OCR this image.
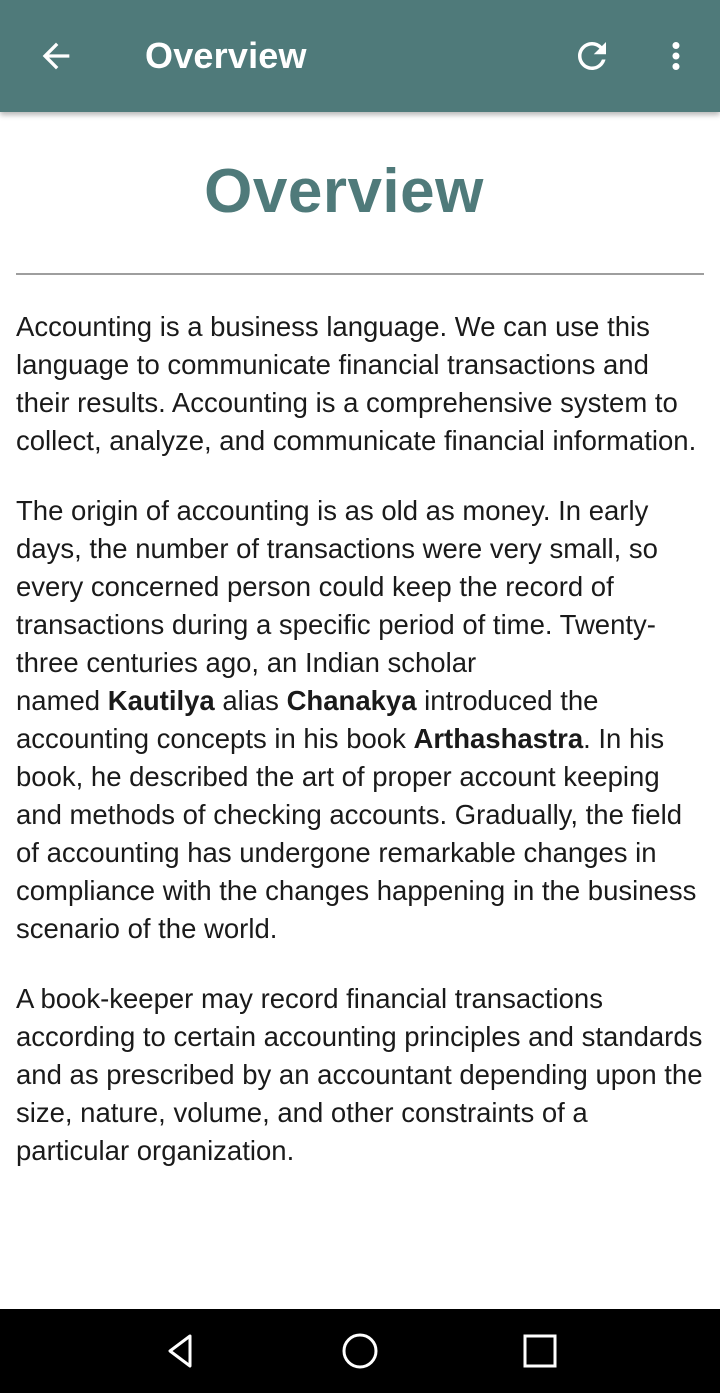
Overview
Overview

Accounting is a business language. We can use this language to communicate financial transactions and their results. Accounting is a comprehensive system to collect, analyze, and communicate financial information.

The origin of accounting is as old as money. In early days, the number of transactions were very small, so every concerned person could keep the record of transactions during a specific period of time. Twenty-three centuries ago, an Indian scholar
named Kautilya alias Chanakya introduced the accounting concepts in his book Arthashastra. In his book, he described the art of proper account keeping and methods of checking accounts. Gradually, the field of accounting has undergone remarkable changes in compliance with the changes happening in the business scenario of the world.

A book-keeper may record financial transactions according to certain accounting principles and standards and as prescribed by an accountant depending upon the size, nature, volume, and other constraints of a particular organization.
